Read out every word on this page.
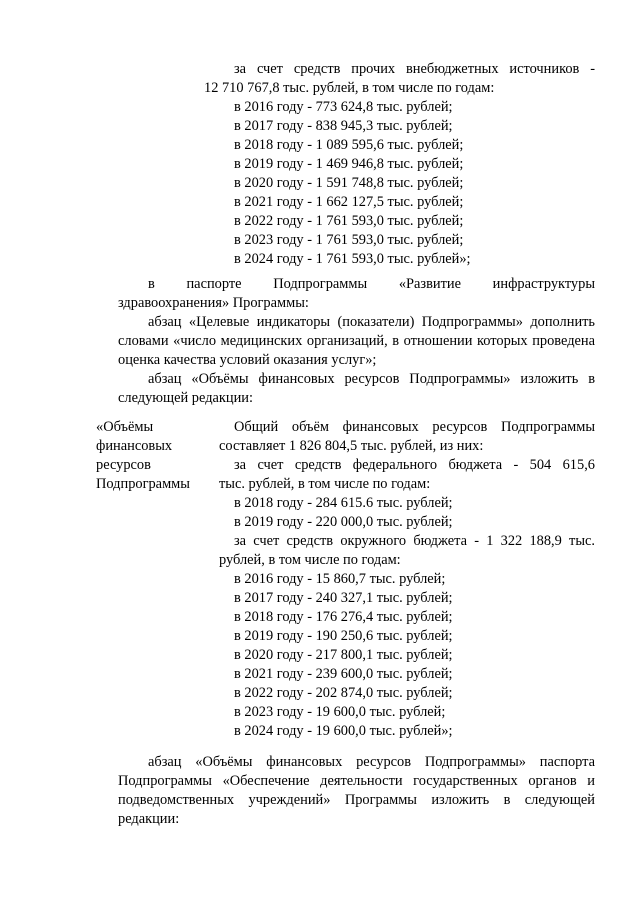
за счет средств прочих внебюджетных источников -
12 710 767,8 тыс. рублей, в том числе по годам:
в 2016 году - 773 624,8 тыс. рублей;
в 2017 году - 838 945,3 тыс. рублей;
в 2018 году - 1 089 595,6 тыс. рублей;
в 2019 году - 1 469 946,8 тыс. рублей;
в 2020 году - 1 591 748,8 тыс. рублей;
в 2021 году - 1 662 127,5 тыс. рублей;
в 2022 году - 1 761 593,0 тыс. рублей;
в 2023 году - 1 761 593,0 тыс. рублей;
в 2024 году - 1 761 593,0 тыс. рублей»;
в паспорте Подпрограммы «Развитие инфраструктуры
здравоохранения» Программы:
абзац «Целевые индикаторы (показатели) Подпрограммы» дополнить
словами «число медицинских организаций, в отношении которых проведена
оценка качества условий оказания услуг»;
абзац «Объёмы финансовых ресурсов Подпрограммы» изложить в
следующей редакции:
«Объёмы
финансовых
ресурсов
Подпрограммы
Общий объём финансовых ресурсов Подпрограммы
составляет 1 826 804,5 тыс. рублей, из них:
за счет средств федерального бюджета - 504 615,6
тыс. рублей, в том числе по годам:
в 2018 году - 284 615.6 тыс. рублей;
в 2019 году - 220 000,0 тыс. рублей;
за счет средств окружного бюджета - 1 322 188,9 тыс.
рублей, в том числе по годам:
в 2016 году - 15 860,7 тыс. рублей;
в 2017 году - 240 327,1 тыс. рублей;
в 2018 году - 176 276,4 тыс. рублей;
в 2019 году - 190 250,6 тыс. рублей;
в 2020 году - 217 800,1 тыс. рублей;
в 2021 году - 239 600,0 тыс. рублей;
в 2022 году - 202 874,0 тыс. рублей;
в 2023 году - 19 600,0 тыс. рублей;
в 2024 году - 19 600,0 тыс. рублей»;
абзац «Объёмы финансовых ресурсов Подпрограммы» паспорта
Подпрограммы «Обеспечение деятельности государственных органов и
подведомственных учреждений» Программы изложить в следующей
редакции:
